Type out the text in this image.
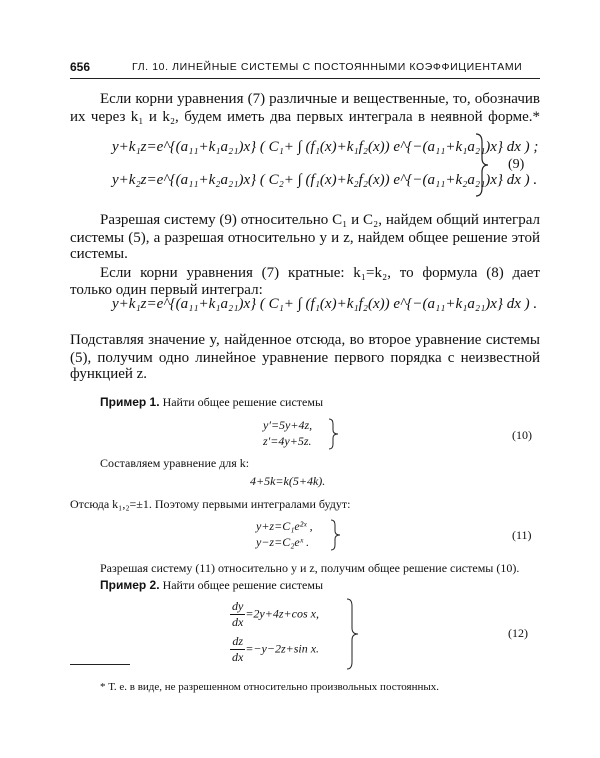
656	ГЛ. 10. ЛИНЕЙНЫЕ СИСТЕМЫ С ПОСТОЯННЫМИ КОЭФФИЦИЕНТАМИ
Если корни уравнения (7) различные и вещественные, то, обозначив
их через k₁ и k₂, будем иметь два первых интеграла в неявной форме.*
y+k₁z=e^{(a₁₁+k₁a₂₁)x} ( C₁+ ∫ (f₁(x)+k₁f₂(x)) e^{−(a₁₁+k₁a₂₁)x} dx ) ;
y+k₂z=e^{(a₁₁+k₂a₂₁)x} ( C₂+ ∫ (f₁(x)+k₂f₂(x)) e^{−(a₁₁+k₂a₂₁)x} dx ) .
(9)
Разрешая систему (9) относительно C₁ и C₂, найдем общий интеграл
системы (5), а разрешая относительно y и z, найдем общее решение этой
системы.
Если корни уравнения (7) кратные: k₁=k₂, то формула (8) дает
только один первый интеграл:
y+k₁z=e^{(a₁₁+k₁a₂₁)x} ( C₁+ ∫ (f₁(x)+k₁f₂(x)) e^{−(a₁₁+k₁a₂₁)x} dx ) .
Подставляя значение y, найденное отсюда, во второе уравнение системы
(5), получим одно линейное уравнение первого порядка с неизвестной
функцией z.
Пример 1. Найти общее решение системы
y′=5y+4z,
z′=4y+5z.	(10)
Составляем уравнение для k:
4+5k=k(5+4k).
Отсюда k₁,₂=±1. Поэтому первыми интегралами будут:
y+z=C₁e²ˣ ,
y−z=C₂eˣ .	(11)
Разрешая систему (11) относительно y и z, получим общее решение системы (10).
Пример 2. Найти общее решение системы
$\frac{dy}{dx} =2y+4z+\cos$ x,
$\frac{dz}{dx} =-y-2z+\sin$ x.
(12)
* Т. е. в виде, не разрешенном относительно произвольных постоянных.
